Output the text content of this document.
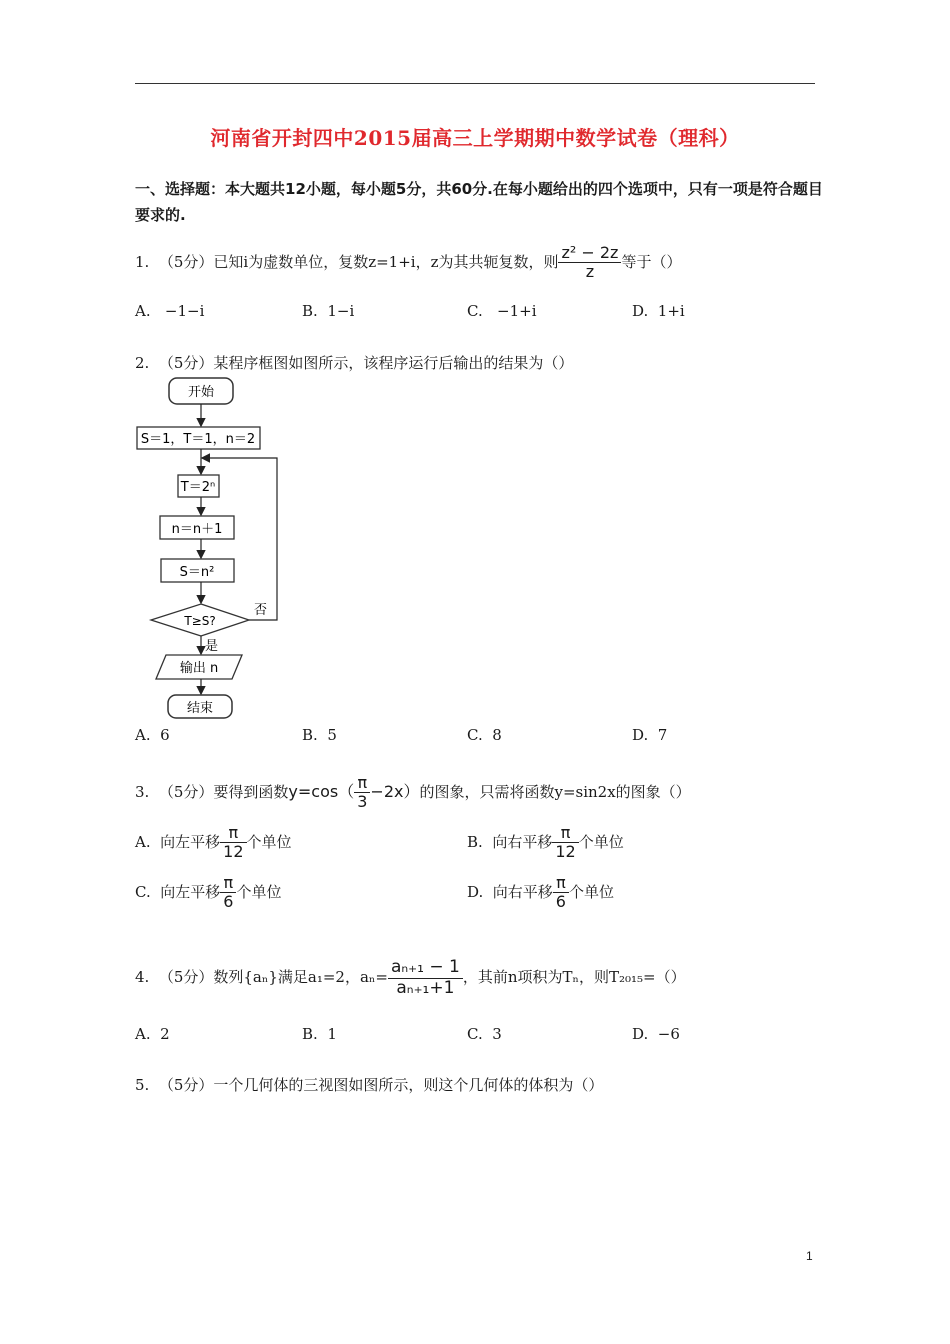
河南省开封四中2015届高三上学期期中数学试卷（理科）
一、选择题：本大题共12小题，每小题5分，共60分.在每小题给出的四个选项中，只有一项是符合题目要求的.
1.  （5分）已知i为虚数单位，复数z=1+i，z为其共轭复数，则 $\frac{\text{z² − 2z}}{z}$ 等于（）
A.   −1−i	B.  1−i	C.   −1+i	D.  1+i
2.  （5分）某程序框图如图所示，该程序运行后输出的结果为（）
开始
S＝1，T＝1，n＝2
T＝2ⁿ
n＝n＋1
S＝n²
T≥S?
否
是
输出 n
结束
A.  6	B.  5	C.  8	D.  7
3.  （5分）要得到函数$y=\cos( \frac{\pi}{3} -2x)$的图象，只需将函数y=sin2x的图象（）
A.  向左平移 $\frac{\pi}{12}$ 个单位	B.  向右平移 $\frac{\pi}{12}$ 个单位
C.  向左平移 $\frac{\pi}{6}$ 个单位	D.  向右平移 $\frac{\pi}{6}$ 个单位
4.  （5分）数列{aₙ}满足a₁=2，$a_n= \frac{\text{aₙ₊₁ − 1}}{\text{aₙ₊₁+1}}$ ，其前n项积为Tₙ，则T₂₀₁₅=（）
A.  2	B.  1	C.  3	D.  −6
5.  （5分）一个几何体的三视图如图所示，则这个几何体的体积为（）
1
